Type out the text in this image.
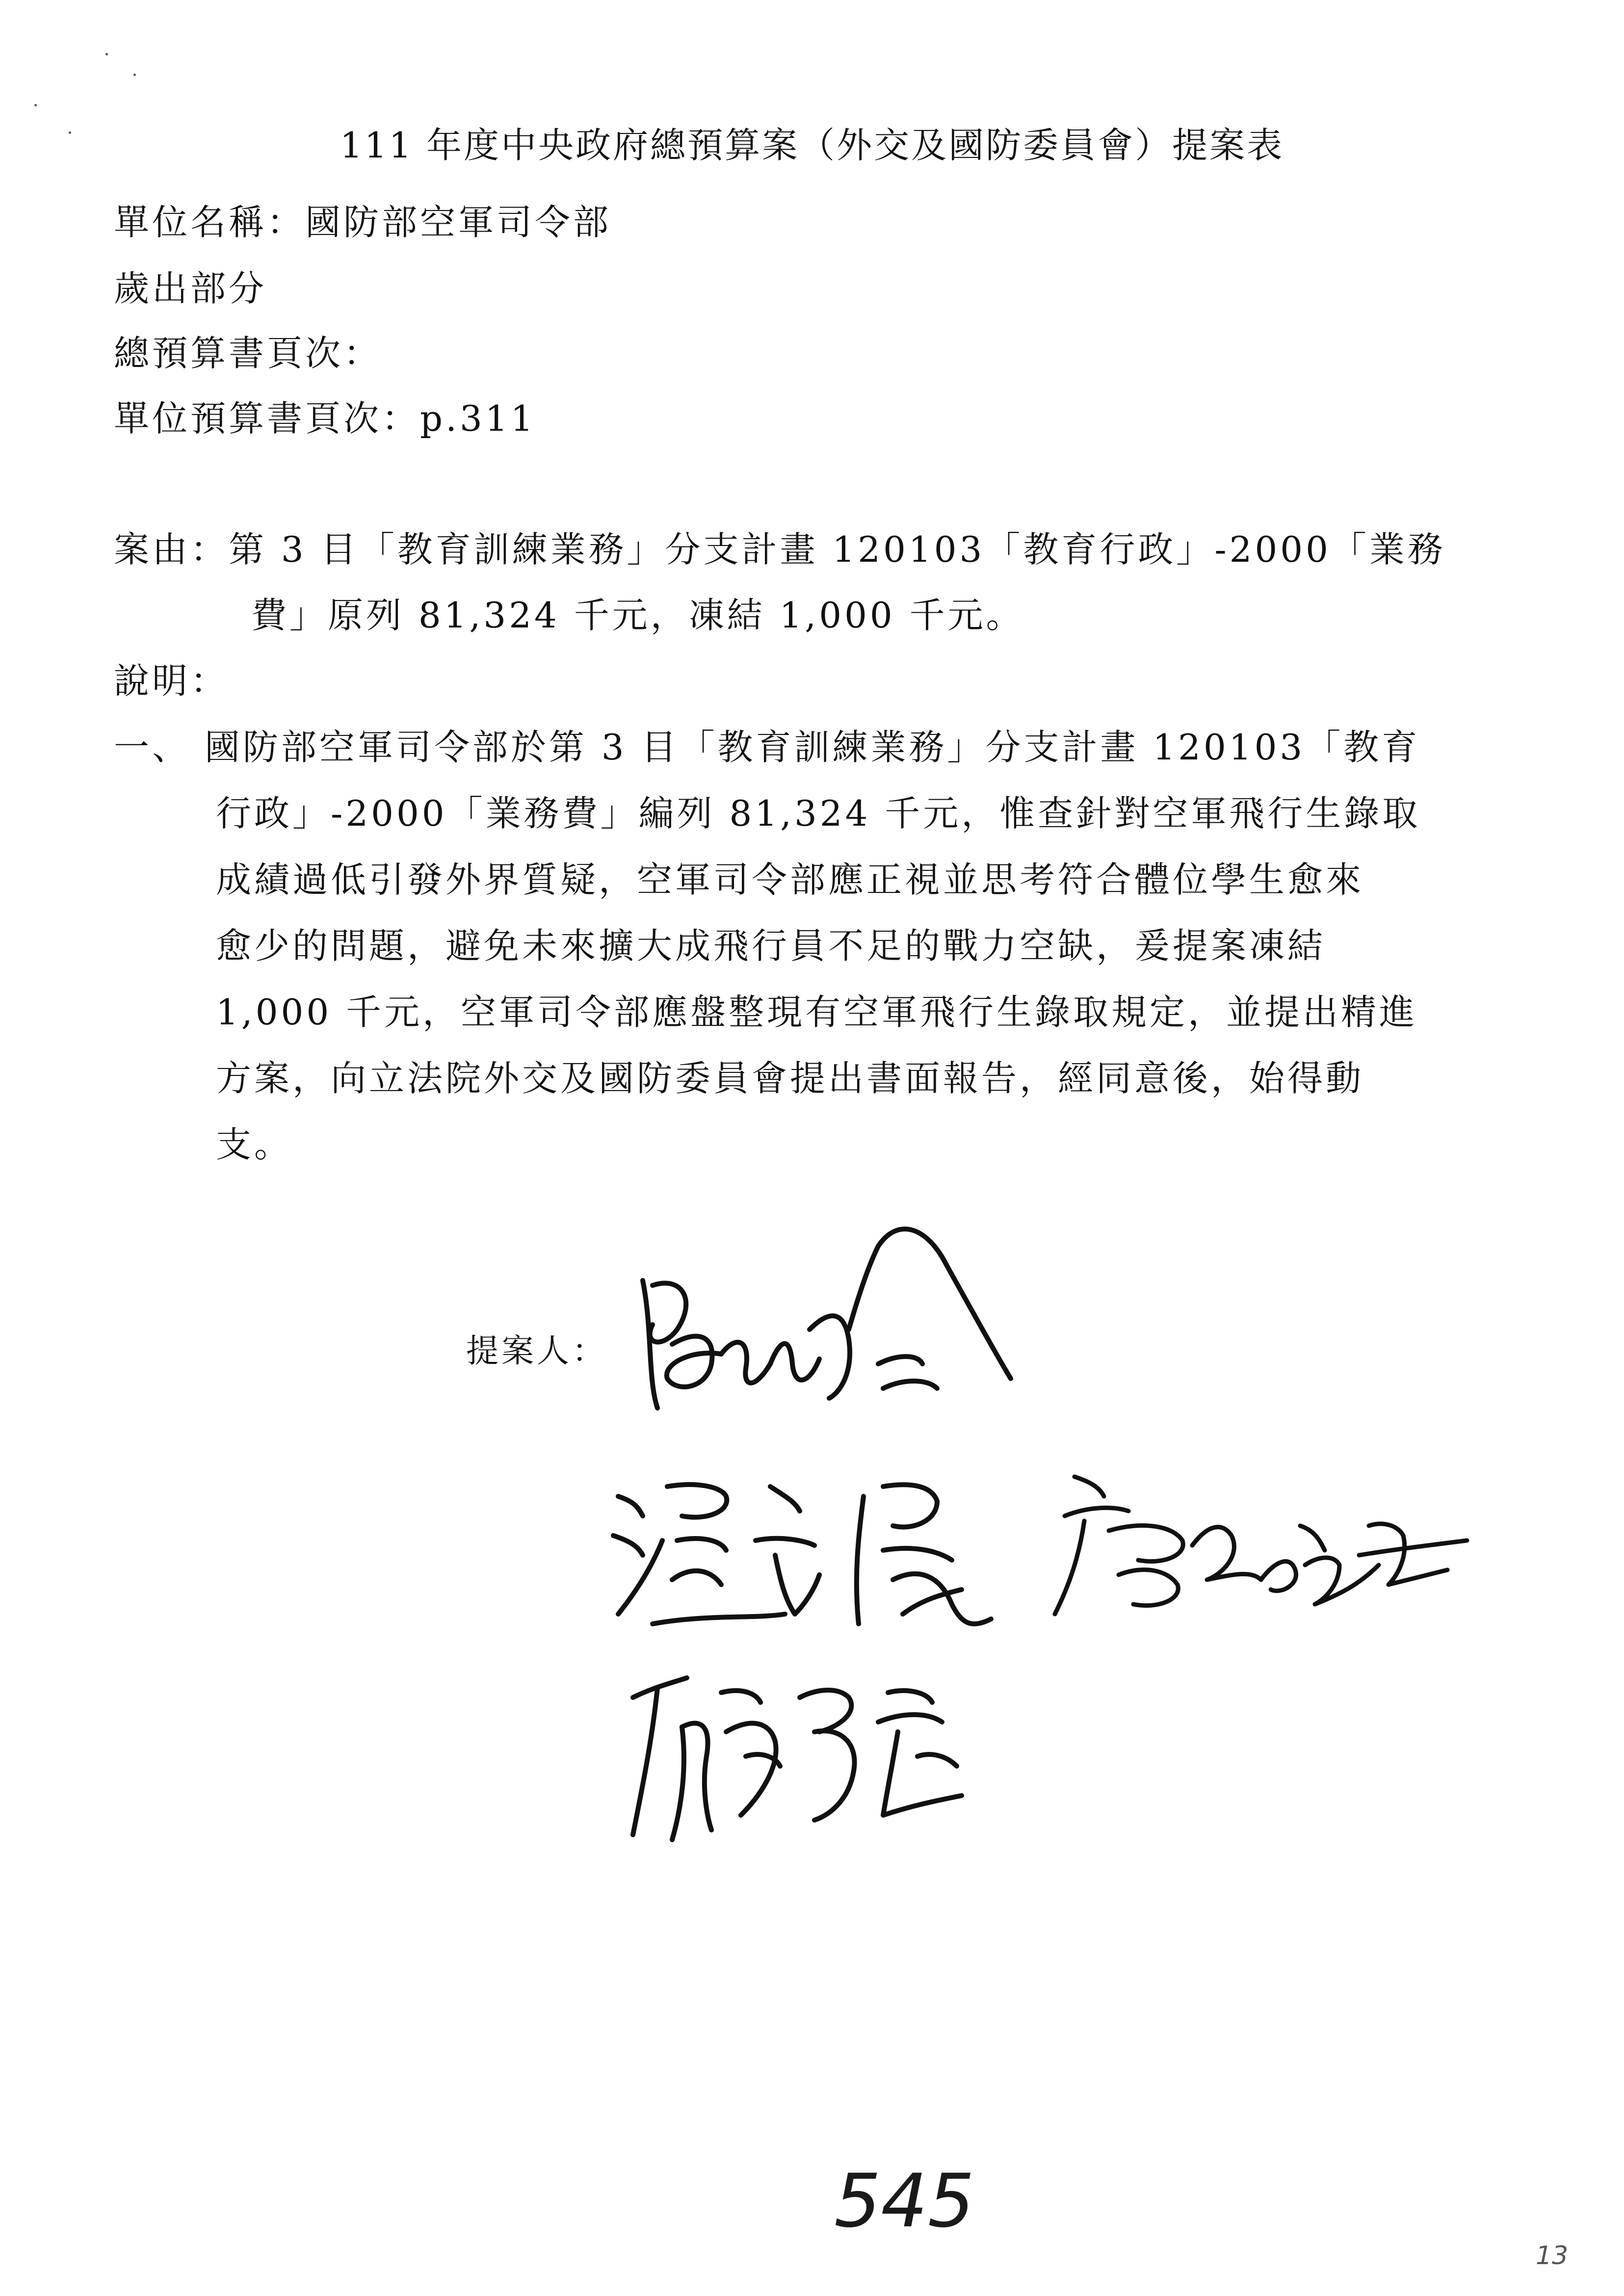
111 年度中央政府總預算案（外交及國防委員會）提案表
單位名稱：國防部空軍司令部
歲出部分
總預算書頁次：
單位預算書頁次：p.311
案由：第 3 目「教育訓練業務」分支計畫 120103「教育行政」-2000「業務
費」原列 81,324 千元，凍結 1,000 千元。
說明：
一、 國防部空軍司令部於第 3 目「教育訓練業務」分支計畫 120103「教育
行政」-2000「業務費」編列 81,324 千元，惟查針對空軍飛行生錄取
成績過低引發外界質疑，空軍司令部應正視並思考符合體位學生愈來
愈少的問題，避免未來擴大成飛行員不足的戰力空缺，爰提案凍結
1,000 千元，空軍司令部應盤整現有空軍飛行生錄取規定，並提出精進
方案，向立法院外交及國防委員會提出書面報告，經同意後，始得動
支。
提案人：
545
13
